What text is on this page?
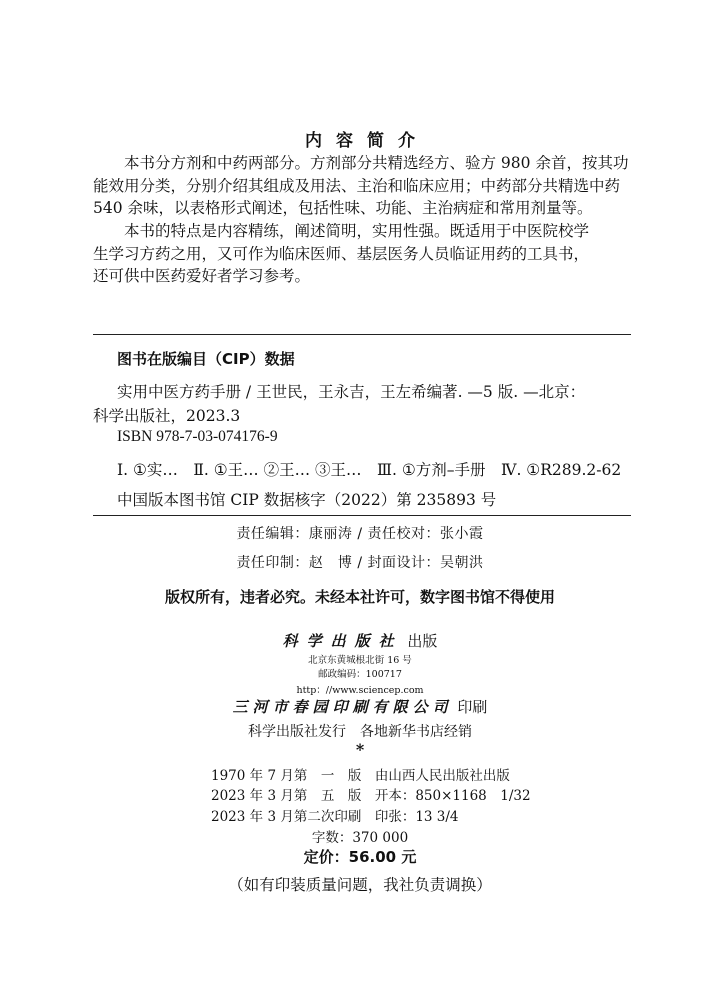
内容简介
本书分方剂和中药两部分。方剂部分共精选经方、验方 980 余首，按其功
能效用分类，分别介绍其组成及用法、主治和临床应用；中药部分共精选中药
540 余味，以表格形式阐述，包括性味、功能、主治病症和常用剂量等。
本书的特点是内容精练，阐述简明，实用性强。既适用于中医院校学
生学习方药之用，又可作为临床医师、基层医务人员临证用药的工具书，
还可供中医药爱好者学习参考。
图书在版编目（CIP）数据
实用中医方药手册 / 王世民，王永吉，王左希编著. —5 版. —北京：
科学出版社，2023.3
ISBN 978-7-03-074176-9
Ⅰ. ①实…　Ⅱ. ①王… ②王… ③王…　Ⅲ. ①方剂–手册　Ⅳ. ①R289.2-62
中国版本图书馆 CIP 数据核字（2022）第 235893 号
责任编辑：康丽涛 / 责任校对：张小霞
责任印制：赵　博 / 封面设计：吴朝洪
版权所有，违者必究。未经本社许可，数字图书馆不得使用
科学出版社 出版
北京东黄城根北街 16 号
邮政编码：100717
http：//www.sciencep.com
三河市春园印刷有限公司 印刷
科学出版社发行　各地新华书店经销
*
1970 年 7 月第　一　版　由山西人民出版社出版
2023 年 3 月第　五　版　开本：850×1168　1/32
2023 年 3 月第二次印刷　印张：13 3/4
字数：370 000
定价：56.00 元
（如有印装质量问题，我社负责调换）
